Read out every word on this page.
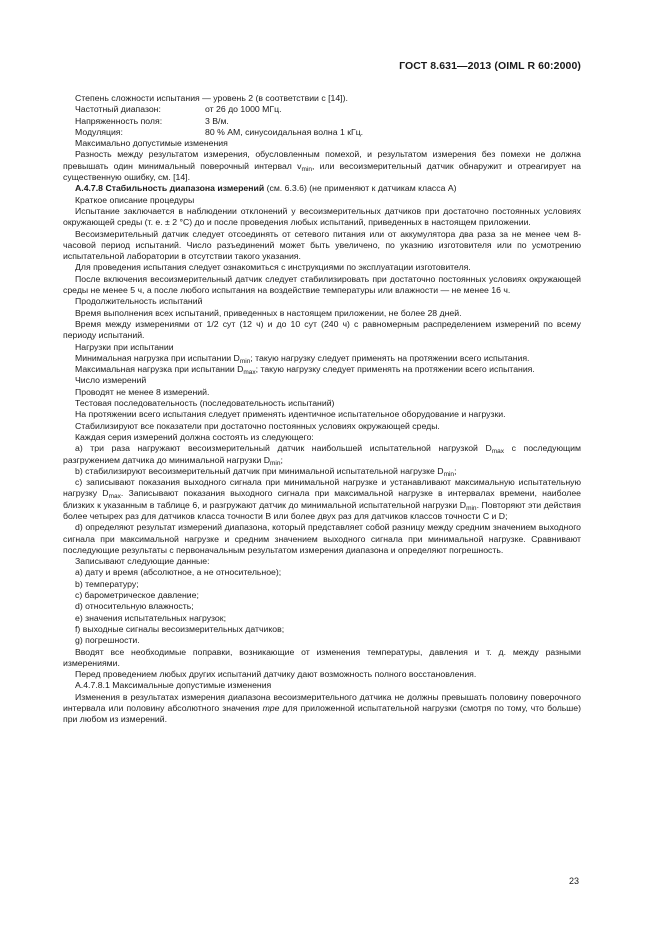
ГОСТ 8.631—2013 (OIML R 60:2000)

Степень сложности испытания — уровень 2 (в соответствии с [14]).

Частотный диапазон:	от 26 до 1000 МГц.
Напряженность поля:	3 В/м.
Модуляция:	80 % АМ, синусоидальная волна 1 кГц.

Максимально допустимые изменения

Разность между результатом измерения, обусловленным помехой, и результатом измерения без помехи не должна превышать один минимальный поверочный интервал $v_{min}$, или весоизмерительный датчик обнаружит и отреагирует на существенную ошибку, см. [14].

А.4.7.8 Стабильность диапазона измерений (см. 6.3.6) (не применяют к датчикам класса А)

Краткое описание процедуры

Испытание заключается в наблюдении отклонений у весоизмерительных датчиков при достаточно постоянных условиях окружающей среды (т. е. ± 2 °С) до и после проведения любых испытаний, приведенных в настоящем приложении.

Весоизмерительный датчик следует отсоединять от сетевого питания или от аккумулятора два раза за не менее чем 8-часовой период испытаний. Число разъединений может быть увеличено, по указнию изготовителя или по усмотрению испытательной лаборатории в отсутствии такого указания.

Для проведения испытания следует ознакомиться с инструкциями по эксплуатации изготовителя.

После включения весоизмерительный датчик следует стабилизировать при достаточно постоянных условиях окружающей среды не менее 5 ч, а после любого испытания на воздействие температуры или влажности — не менее 16 ч.

Продолжительность испытаний

Время выполнения всех испытаний, приведенных в настоящем приложении, не более 28 дней.

Время между измерениями от 1/2 сут (12 ч) и до 10 сут (240 ч) с равномерным распределением измерений по всему периоду испытаний.

Нагрузки при испытании

Минимальная нагрузка при испытании $D_{min}$; такую нагрузку следует применять на протяжении всего испытания.

Максимальная нагрузка при испытании $D_{max}$; такую нагрузку следует применять на протяжении всего испытания.

Число измерений

Проводят не менее 8 измерений.

Тестовая последовательность (последовательность испытаний)

На протяжении всего испытания следует применять идентичное испытательное оборудование и нагрузки.

Стабилизируют все показатели при достаточно постоянных условиях окружающей среды.

Каждая серия измерений должна состоять из следующего:

а) три раза нагружают весоизмерительный датчик наибольшей испытательной нагрузкой $D_{max}$ с последующим разгружением датчика до минимальной нагрузки $D_{min}$;

b) стабилизируют весоизмерительный датчик при минимальной испытательной нагрузке $D_{min}$;

с) записывают показания выходного сигнала при минимальной нагрузке и устанавливают максимальную испытательную нагрузку $D_{max}$. Записывают показания выходного сигнала при максимальной нагрузке в интервалах времени, наиболее близких к указанным в таблице 6, и разгружают датчик до минимальной испытательной нагрузки $D_{min}$. Повторяют эти действия более четырех раз для датчиков класса точности В или более двух раз для датчиков классов точности С и D;

d) определяют результат измерений диапазона, который представляет собой разницу между средним значением выходного сигнала при максимальной нагрузке и средним значением выходного сигнала при минимальной нагрузке. Сравнивают последующие результаты с первоначальным результатом измерения диапазона и определяют погрешность.

Записывают следующие данные:

а) дату и время (абсолютное, а не относительное);

b) температуру;

с) барометрическое давление;

d) относительную влажность;

е) значения испытательных нагрузок;

f) выходные сигналы весоизмерительных датчиков;

g) погрешности.

Вводят все необходимые поправки, возникающие от изменения температуры, давления и т. д. между разными измерениями.

Перед проведением любых других испытаний датчику дают возможность полного восстановления.

А.4.7.8.1 Максимальные допустимые изменения

Изменения в результатах измерения диапазона весоизмерительного датчика не должны превышать половину поверочного интервала или половину абсолютного значения mpe для приложенной испытательной нагрузки (смотря по тому, что больше) при любом из измерений.

23
